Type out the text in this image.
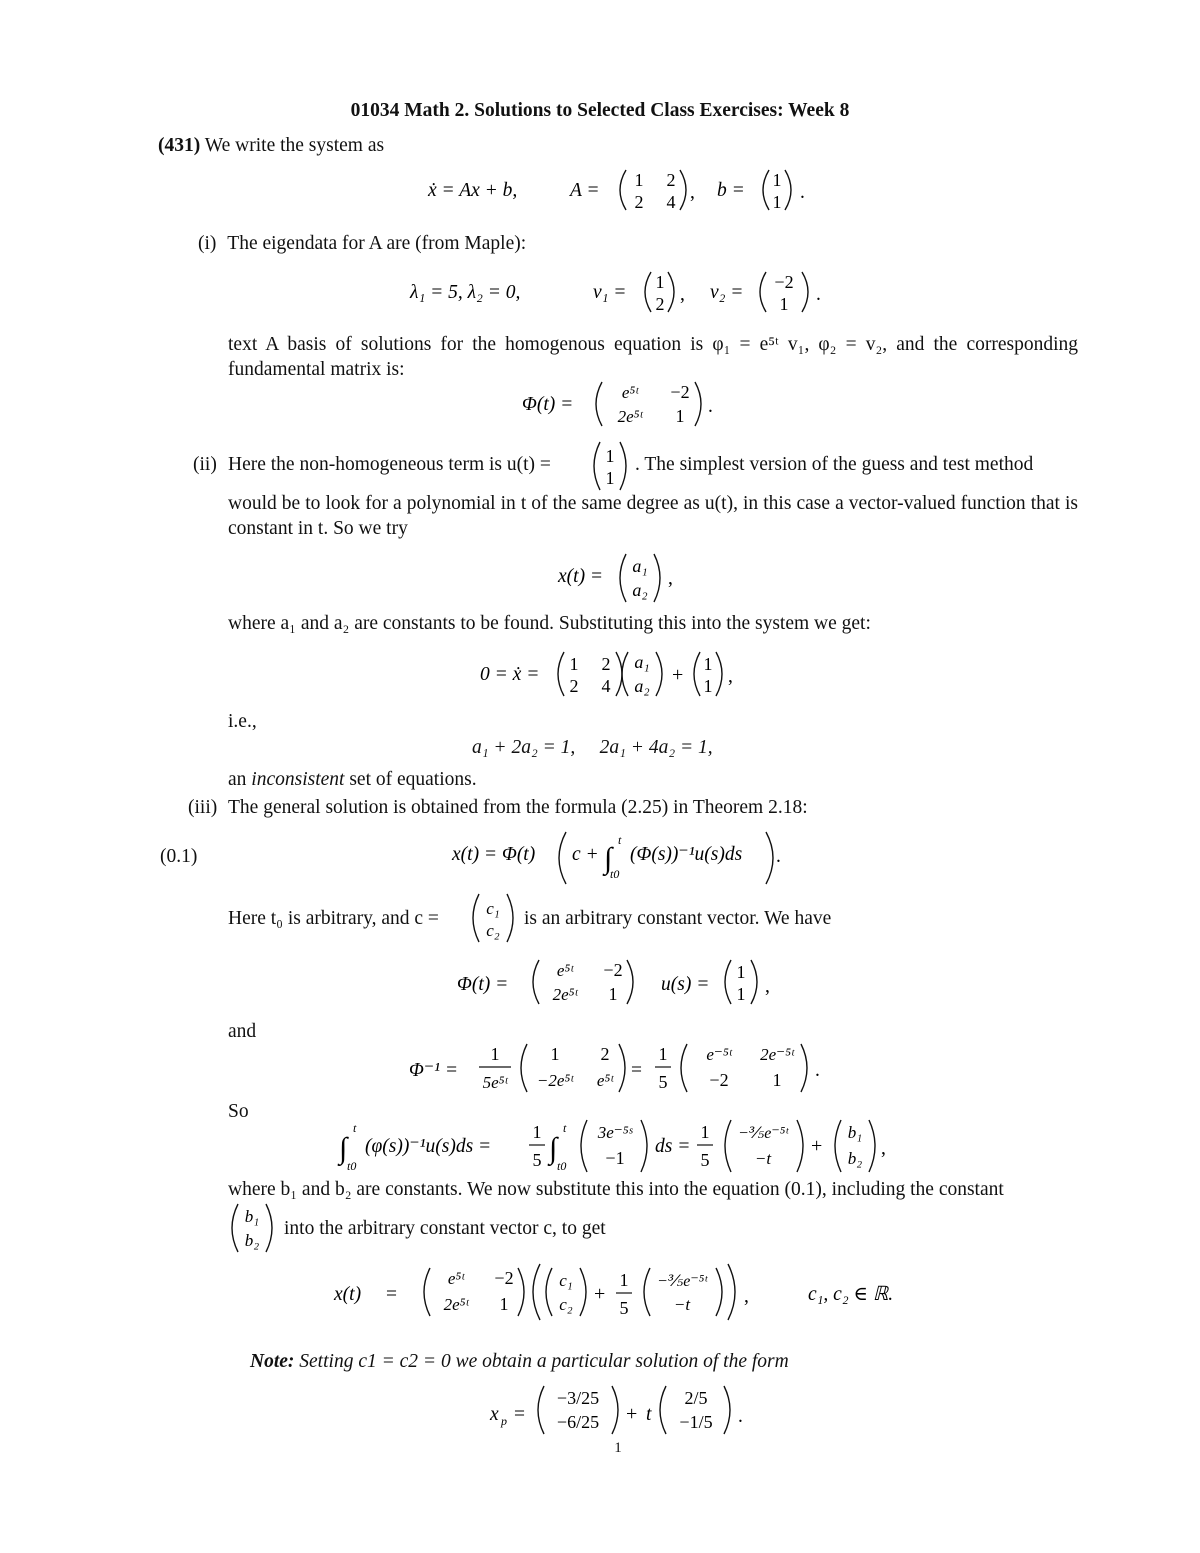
01034 Math 2. Solutions to Selected Class Exercises: Week 8
(431) We write the system as
ẋ = Ax + b,	A = 1 2
2 4 , b = 1
1 .
(i) The eigendata for A are (from Maple):
λ₁ = 5, λ₂ = 0,	v₁ = 1
2 , v₂ = −2
1 .
text A basis of solutions for the homogenous equation is φ₁ = e⁵ᵗ v₁, φ₂ = v₂, and the corresponding fundamental matrix is:
Φ(t) =
e⁵ᵗ −2
2e⁵ᵗ 1 .
(ii) Here the non-homogeneous term is u(t) =	1
1
. The simplest version of the guess and test method
would be to look for a polynomial in t of the same degree as u(t), in this case a vector-valued function that is constant in t. So we try
x(t) = a₁
a₂
,
where a₁ and a₂ are constants to be found. Substituting this into the system we get:
0 = ẋ = 1 2
2 4
a₁
a₂ + 1
1 ,
i.e.,
a₁ + 2a₂ = 1,     2a₁ + 4a₂ = 1,
an inconsistent set of equations.
(iii) The general solution is obtained from the formula (2.25) in Theorem 2.18:
(0.1)	x(t) = Φ(t) c + ∫
t
t0
(Φ(s))⁻¹u(s)ds .
Here t₀ is arbitrary, and c =	c₁
c₂
is an arbitrary constant vector. We have
Φ(t) =
e⁵ᵗ −2
2e⁵ᵗ 1 u(s) =
1
1 ,
and
Φ⁻¹ =
1
5e⁵ᵗ
1 2
−2e⁵ᵗ e⁵ᵗ =
1
5
e⁻⁵ᵗ 2e⁻⁵ᵗ
−2 1 .
So
∫
t
t0
(φ(s))⁻¹u(s)ds =
1
5 ∫
t
t0
3e⁻⁵ˢ
−1
ds =
1
5
−⅗e⁻⁵ᵗ
−t
+
b₁
b₂ ,
where b₁ and b₂ are constants. We now substitute this into the equation (0.1), including the constant
b₁
b₂
into the arbitrary constant vector c, to get
x(t) =
e⁵ᵗ −2
2e⁵ᵗ 1
c₁
c₂ +
1
5
−⅗e⁻⁵ᵗ
−t	,	c₁, c₂ ∈ ℝ.
Note: Setting c1 = c2 = 0 we obtain a particular solution of the form
x p =
−3/25
−6/25 + t
2/5
−1/5 .
1
